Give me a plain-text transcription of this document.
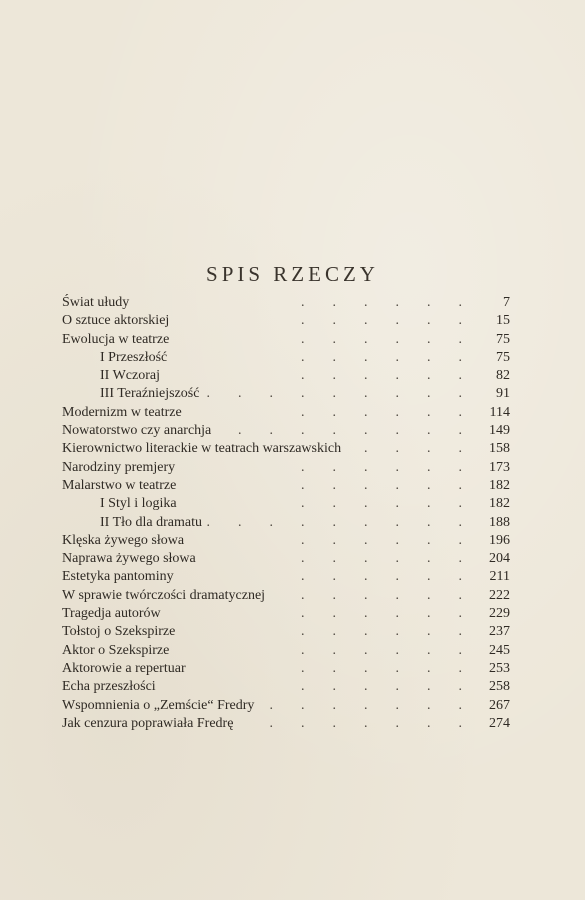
SPIS RZECZY
.  .  .  .  .  .
Świat ułudy	7
.  .  .  .  .  .
O sztuce aktorskiej	15
.  .  .  .  .  .
Ewolucja w teatrze	75
.  .  .  .  .  .
I Przeszłość	75
.  .  .  .  .  .
II Wczoraj	82
.  .  .  .  .  .  .  .  .
III Teraźniejszość	91
.  .  .  .  .  .
Modernizm w teatrze	114
.  .  .  .  .  .  .  .
Nowatorstwo czy anarchja	149
.  .  .  .
Kierownictwo literackie w teatrach warszawskich	158
.  .  .  .  .  .
Narodziny premjery	173
.  .  .  .  .  .
Malarstwo w teatrze	182
.  .  .  .  .  .
I Styl i logika	182
.  .  .  .  .  .  .  .  .
II Tło dla dramatu	188
.  .  .  .  .  .
Klęska żywego słowa	196
.  .  .  .  .  .
Naprawa żywego słowa	204
.  .  .  .  .  .
Estetyka pantominy	211
.  .  .  .  .  .
W sprawie twórczości dramatycznej	222
.  .  .  .  .  .
Tragedja autorów	229
.  .  .  .  .  .
Tołstoj o Szekspirze	237
.  .  .  .  .  .
Aktor o Szekspirze	245
.  .  .  .  .  .
Aktorowie a repertuar	253
.  .  .  .  .  .
Echa przeszłości	258
.  .  .  .  .  .  .
Wspomnienia o „Zemście“ Fredry	267
.  .  .  .  .  .  .
Jak cenzura poprawiała Fredrę	274
